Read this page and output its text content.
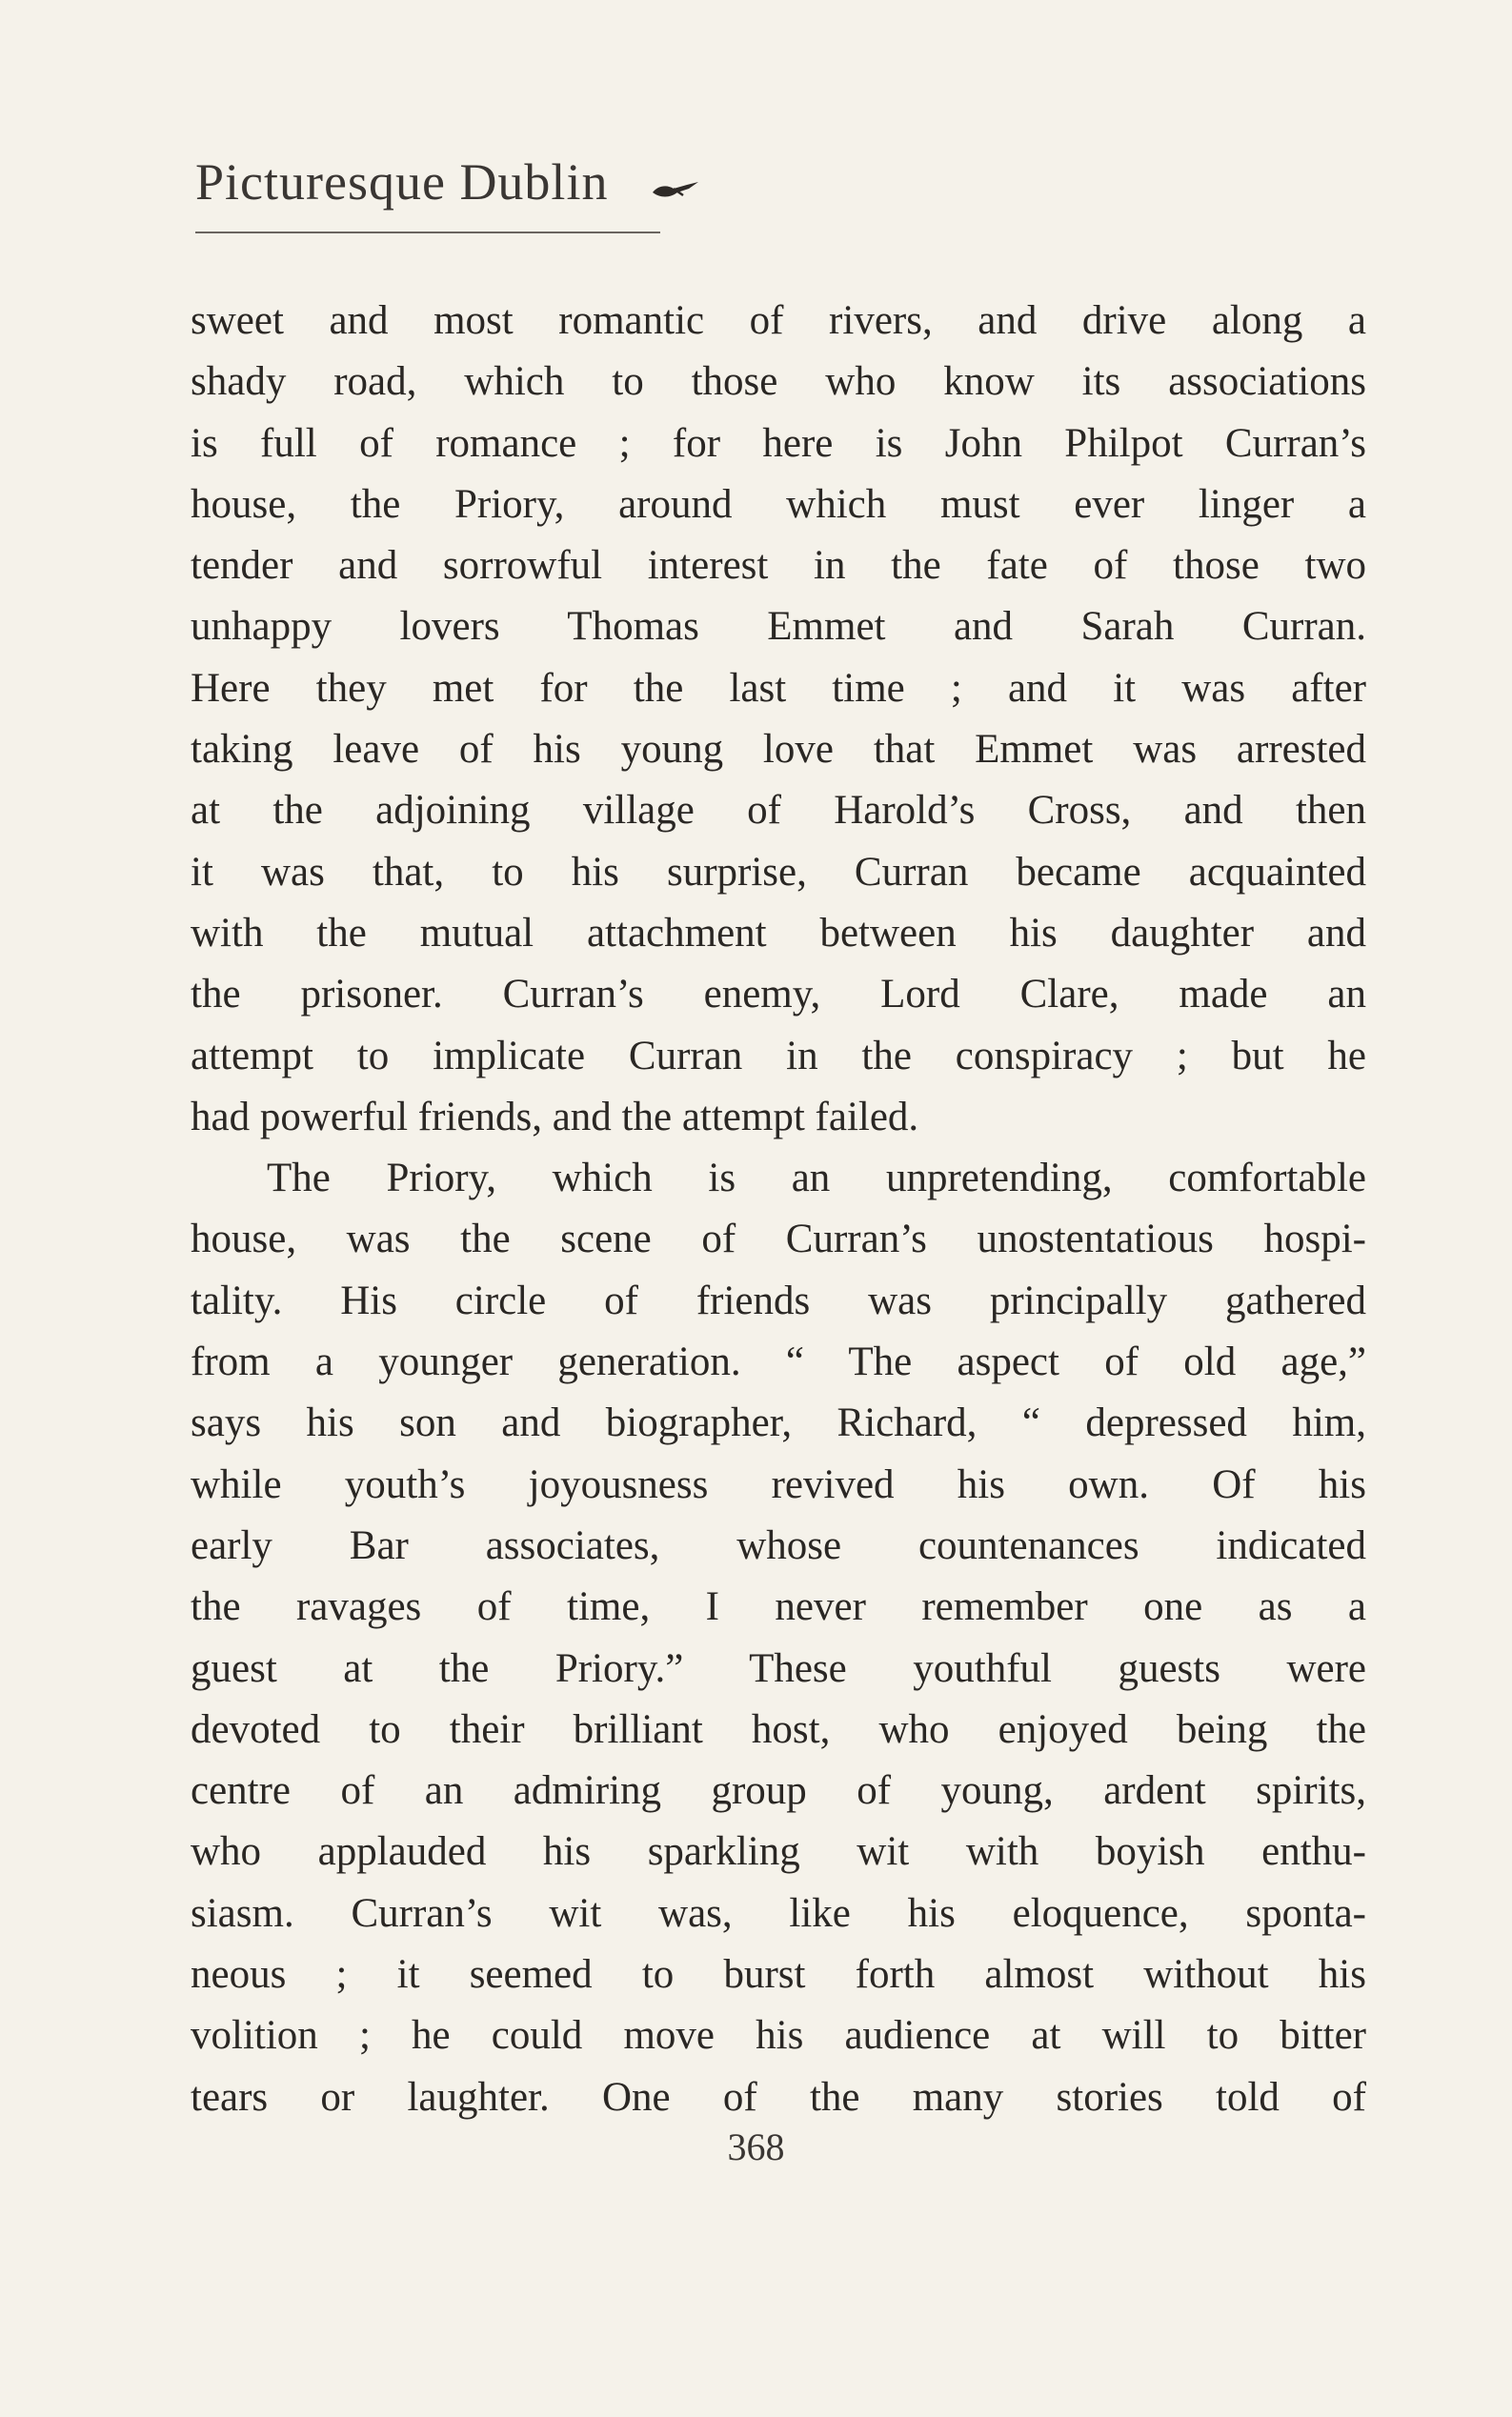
Picturesque Dublin
sweet and most romantic of rivers, and drive along a
shady road, which to those who know its associations
is full of romance ; for here is John Philpot Curran’s
house, the Priory, around which must ever linger a
tender and sorrowful interest in the fate of those two
unhappy lovers Thomas Emmet and Sarah Curran.
Here they met for the last time ; and it was after
taking leave of his young love that Emmet was arrested
at the adjoining village of Harold’s Cross, and then
it was that, to his surprise, Curran became acquainted
with the mutual attachment between his daughter and
the prisoner. Curran’s enemy, Lord Clare, made an
attempt to implicate Curran in the conspiracy ; but he
had powerful friends, and the attempt failed.
The Priory, which is an unpretending, comfortable
house, was the scene of Curran’s unostentatious hospi-
tality. His circle of friends was principally gathered
from a younger generation. “ The aspect of old age,”
says his son and biographer, Richard, “ depressed him,
while youth’s joyousness revived his own. Of his
early Bar associates, whose countenances indicated
the ravages of time, I never remember one as a
guest at the Priory.” These youthful guests were
devoted to their brilliant host, who enjoyed being the
centre of an admiring group of young, ardent spirits,
who applauded his sparkling wit with boyish enthu-
siasm. Curran’s wit was, like his eloquence, sponta-
neous ; it seemed to burst forth almost without his
volition ; he could move his audience at will to bitter
tears or laughter. One of the many stories told of
368
